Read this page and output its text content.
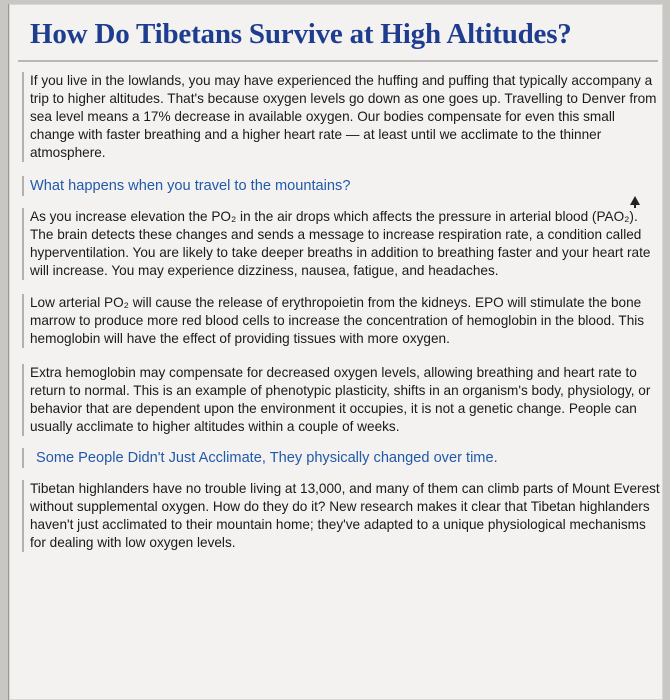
How Do Tibetans Survive at High Altitudes?

If you live in the lowlands, you may have experienced the huffing and puffing that typically accompany a trip to higher altitudes. That's because oxygen levels go down as one goes up. Travelling to Denver from sea level means a 17% decrease in available oxygen. Our bodies compensate for even this small change with faster breathing and a higher heart rate — at least until we acclimate to the thinner atmosphere.

What happens when you travel to the mountains?

As you increase elevation the PO₂ in the air drops which affects the pressure in arterial blood (PAO₂). The brain detects these changes and sends a message to increase respiration rate, a condition called hyperventilation. You are likely to take deeper breaths in addition to breathing faster and your heart rate will increase. You may experience dizziness, nausea, fatigue, and headaches.

Low arterial PO₂ will cause the release of erythropoietin from the kidneys. EPO will stimulate the bone marrow to produce more red blood cells to increase the concentration of hemoglobin in the blood. This hemoglobin will have the effect of providing tissues with more oxygen.

Extra hemoglobin may compensate for decreased oxygen levels, allowing breathing and heart rate to return to normal. This is an example of phenotypic plasticity, shifts in an organism's body, physiology, or behavior that are dependent upon the environment it occupies, it is not a genetic change. People can usually acclimate to higher altitudes within a couple of weeks.

Some People Didn't Just Acclimate, They physically changed over time.

Tibetan highlanders have no trouble living at 13,000, and many of them can climb parts of Mount Everest without supplemental oxygen. How do they do it? New research makes it clear that Tibetan highlanders haven't just acclimated to their mountain home; they've adapted to a unique physiological mechanisms for dealing with low oxygen levels.
